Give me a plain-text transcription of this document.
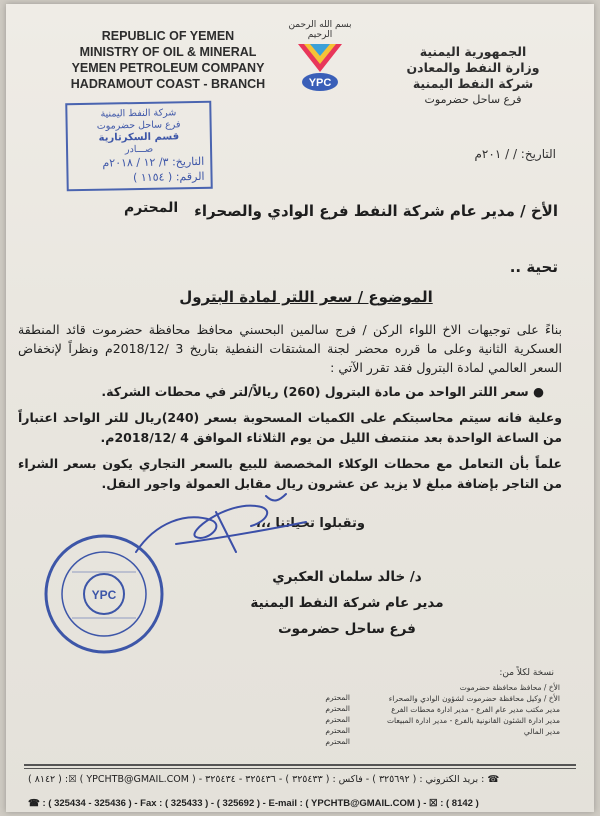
REPUBLIC OF YEMEN
MINISTRY OF OIL & MINERAL
YEMEN PETROLEUM COMPANY
HADRAMOUT COAST - BRANCH
بسم الله الرحمن الرحيم
YPC
الجمهورية اليمنية
وزارة النفط والمعادن
شركة النفط اليمنية
فرع ساحل حضرموت
شركة النفط اليمنية
فرع ساحل حضرموت
قسم السكرتارية
صـــادر
التاريخ: ٣/ ١٢ / ٢٠١٨م
الرقم: ( ١١٥٤ )
التاريخ: / / ٢٠١م
الأخ / مدير عام شركة النفط فرع الوادي والصحراء
المحترم
تحية ..
الموضوع / سعر اللتر لمادة البترول
بناءً على توجيهات الاخ اللواء الركن / فرج سالمين البحسني محافظ محافظة حضرموت قائد المنطقة العسكرية الثانية وعلى ما قرره محضر لجنة المشتقات النفطية بتاريخ 3 /2018/12م ونظراً لإنخفاض السعر العالمي لمادة البترول فقد تقرر الآتي :
● سعر اللتر الواحد من مادة البترول (260) ريالاً/لتر في محطات الشركة.
وعلية فانه سيتم محاسبتكم على الكميات المسحوبة بسعر (240)ريال للتر الواحد اعتباراً من الساعة الواحدة بعد منتصف الليل من يوم الثلاثاء الموافق 4 /2018/12م.
علماً بأن التعامل مع محطات الوكلاء المخصصة للبيع بالسعر التجاري يكون بسعر الشراء من التاجر بإضافة مبلغ لا يزيد عن عشرون ريال مقابل العمولة واجور النقل.
وتقبلوا تحياتنا ،،،
YPC
د/ خالد سلمان العكبري
مدير عام شركة النفط اليمنية
فرع ساحل حضرموت
نسخة لكلاً من:
الأخ / محافظ محافظة حضرموت
الأخ / وكيل محافظة حضرموت لشؤون الوادي والصحراء
مدير مكتب مدير عام الفرع - مدير ادارة محطات الفرع
مدير ادارة الشئون القانونية بالفرع - مدير ادارة المبيعات
مدير المالي
المحترم
المحترم
المحترم
المحترم
المحترم
( ٨١٤٢ ) :☒ ( YPCHTB@GMAIL.COM ) - بريد الكتروني : ( ٣٢٥٦٩٢ ) - فاكس : ( ٣٢٥٤٣٣ ) - ٣٢٥٤٣٦ - ٣٢٥٤٣٤ : ☎
☎ : ( 325434 - 325436 ) - Fax : ( 325433 ) - ( 325692 ) - E-mail : ( YPCHTB@GMAIL.COM ) - ☒ : ( 8142 )
